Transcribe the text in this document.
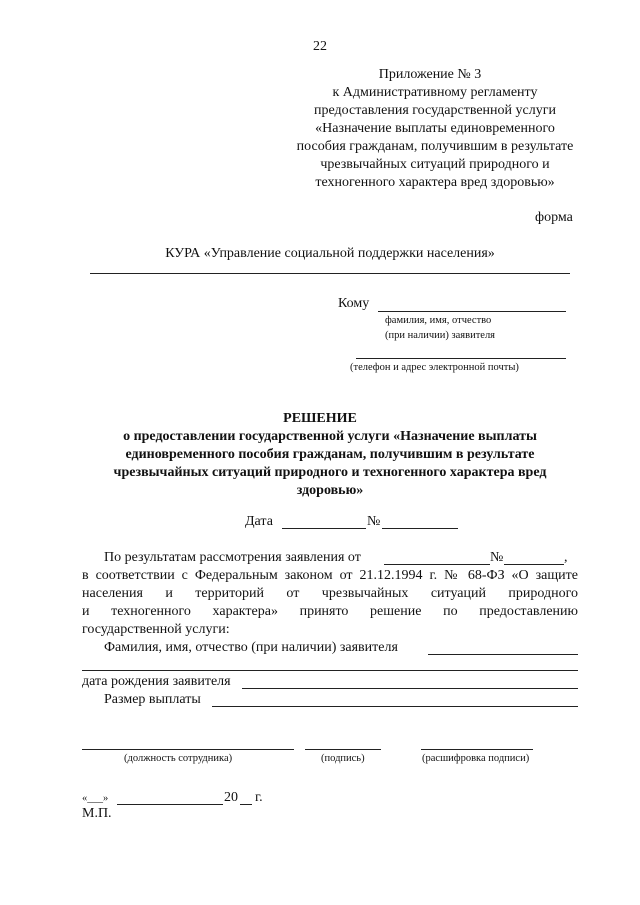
22
Приложение № 3
к Административному регламенту
предоставления государственной услуги
«Назначение выплаты единовременного
пособия гражданам, получившим в результате
чрезвычайных ситуаций природного и
техногенного характера вред здоровью»
форма
КУРА «Управление социальной поддержки населения»
Кому
фамилия, имя, отчество
(при наличии) заявителя
(телефон и адрес электронной почты)
РЕШЕНИЕ
о предоставлении государственной услуги «Назначение выплаты
единовременного пособия гражданам, получившим в результате
чрезвычайных ситуаций природного и техногенного характера вред
здоровью»
Дата	№
По результатам рассмотрения заявления от	№	,
в соответствии с Федеральным законом от 21.12.1994 г. № 68-ФЗ «О защите
населения и территорий от чрезвычайных ситуаций природного
и техногенного характера» принято решение по предоставлению
государственной услуги:
Фамилия, имя, отчество (при наличии) заявителя
дата рождения заявителя
Размер выплаты
(должность сотрудника)	(подпись)	(расшифровка подписи)
«___»	20 г.
М.П.
